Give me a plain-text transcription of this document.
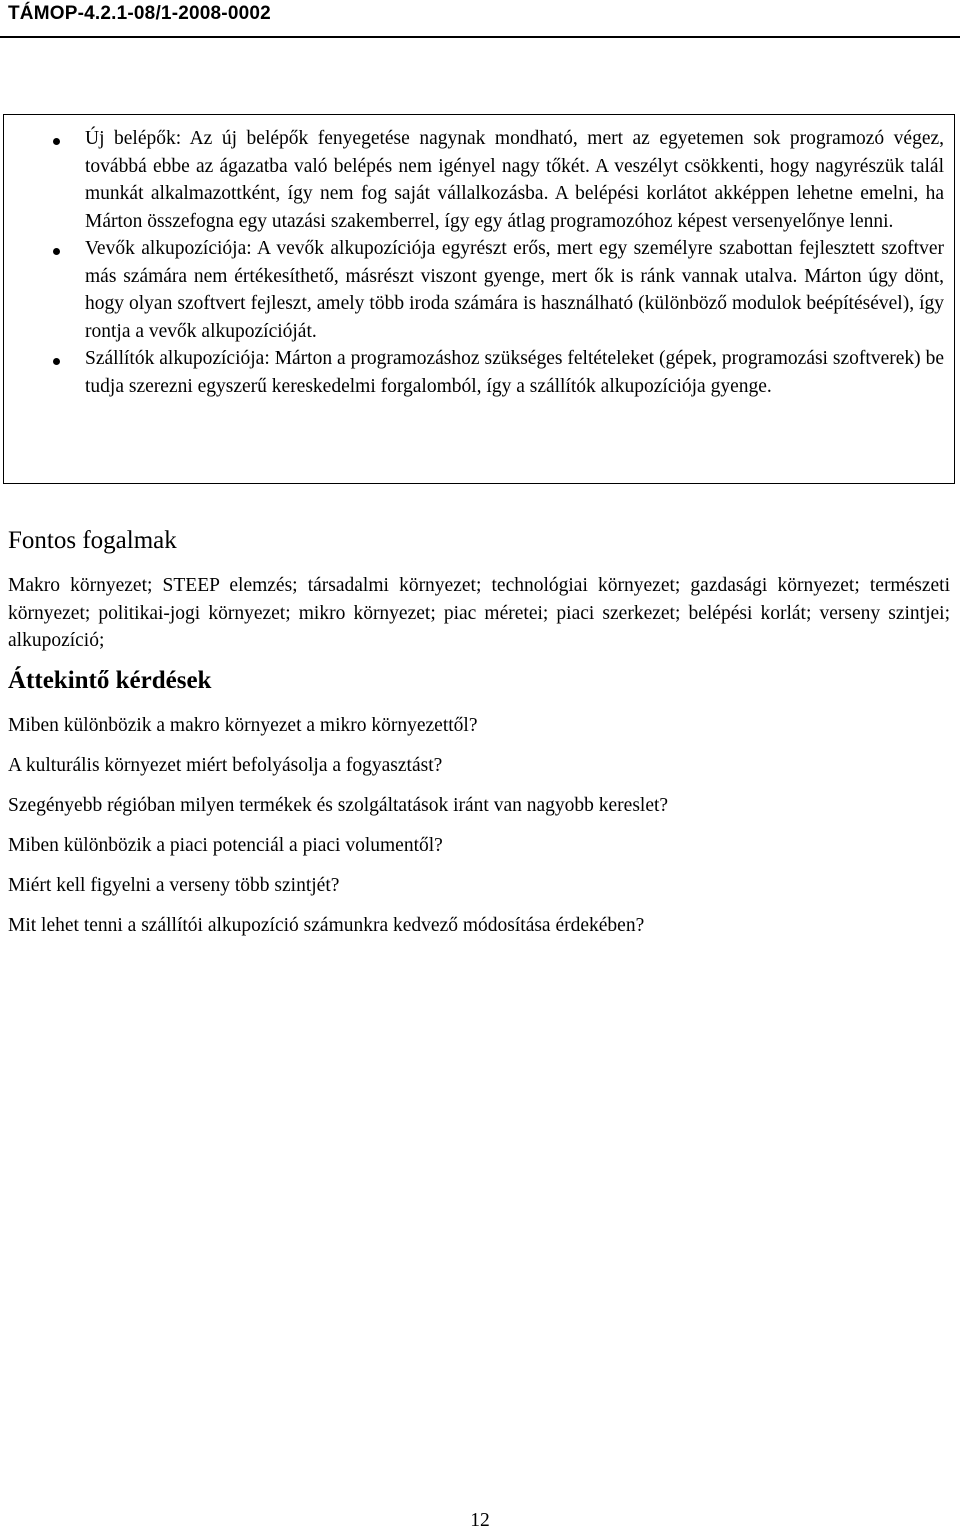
TÁMOP-4.2.1-08/1-2008-0002
Új belépők: Az új belépők fenyegetése nagynak mondható, mert az egyetemen sok programozó végez, továbbá ebbe az ágazatba való belépés nem igényel nagy tőkét. A veszélyt csökkenti, hogy nagyrészük talál munkát alkalmazottként, így nem fog saját vállalkozásba. A belépési korlátot akképpen lehetne emelni, ha Márton összefogna egy utazási szakemberrel, így egy átlag programozóhoz képest versenyelőnye lenni.
Vevők alkupozíciója: A vevők alkupozíciója egyrészt erős, mert egy személyre szabottan fejlesztett szoftver más számára nem értékesíthető, másrészt viszont gyenge, mert ők is ránk vannak utalva. Márton úgy dönt, hogy olyan szoftvert fejleszt, amely több iroda számára is használható (különböző modulok beépítésével), így rontja a vevők alkupozícióját.
Szállítók alkupozíciója: Márton a programozáshoz szükséges feltételeket (gépek, programozási szoftverek) be tudja szerezni egyszerű kereskedelmi forgalomból, így a szállítók alkupozíciója gyenge.
Fontos fogalmak

Makro környezet; STEEP elemzés; társadalmi környezet; technológiai környezet; gazdasági környezet; természeti környezet; politikai-jogi környezet; mikro környezet; piac méretei; piaci szerkezet; belépési korlát; verseny szintjei; alkupozíció;

Áttekintő kérdések
Miben különbözik a makro környezet a mikro környezettől?
A kulturális környezet miért befolyásolja a fogyasztást?
Szegényebb régióban milyen termékek és szolgáltatások iránt van nagyobb kereslet?
Miben különbözik a piaci potenciál a piaci volumentől?
Miért kell figyelni a verseny több szintjét?
Mit lehet tenni a szállítói alkupozíció számunkra kedvező módosítása érdekében?
12
